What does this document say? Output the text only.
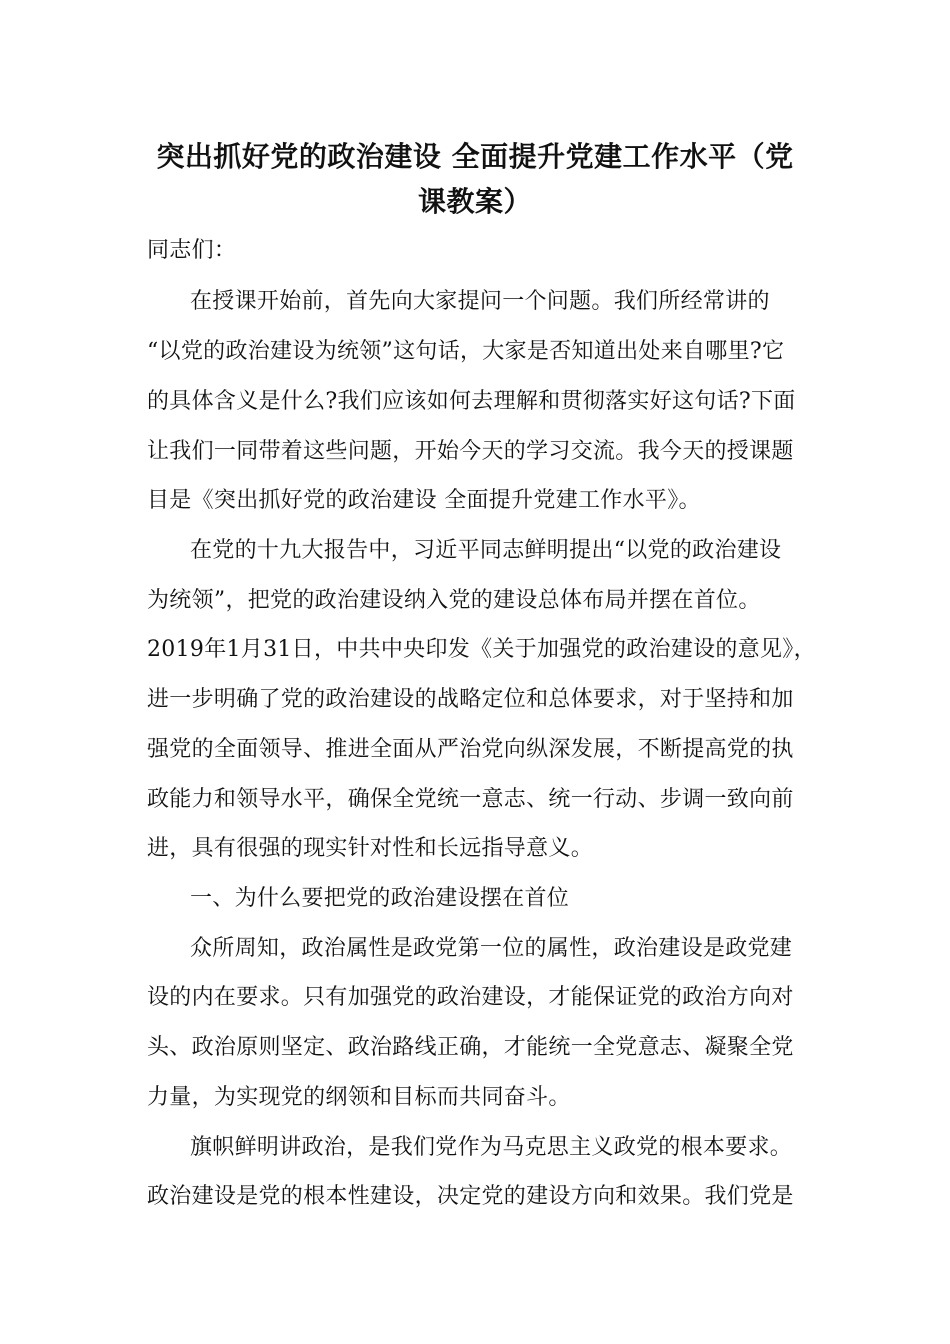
突出抓好党的政治建设 全面提升党建工作水平（党
课教案）
同志们：
在授课开始前，首先向大家提问一个问题。我们所经常讲的
“以党的政治建设为统领”这句话，大家是否知道出处来自哪里?它
的具体含义是什么?我们应该如何去理解和贯彻落实好这句话?下面
让我们一同带着这些问题，开始今天的学习交流。我今天的授课题
目是《突出抓好党的政治建设 全面提升党建工作水平》。
在党的十九大报告中，习近平同志鲜明提出“以党的政治建设
为统领”，把党的政治建设纳入党的建设总体布局并摆在首位。
2019年1月31日，中共中央印发《关于加强党的政治建设的意见》，
进一步明确了党的政治建设的战略定位和总体要求，对于坚持和加
强党的全面领导、推进全面从严治党向纵深发展，不断提高党的执
政能力和领导水平，确保全党统一意志、统一行动、步调一致向前
进，具有很强的现实针对性和长远指导意义。
一、为什么要把党的政治建设摆在首位
众所周知，政治属性是政党第一位的属性，政治建设是政党建
设的内在要求。只有加强党的政治建设，才能保证党的政治方向对
头、政治原则坚定、政治路线正确，才能统一全党意志、凝聚全党
力量，为实现党的纲领和目标而共同奋斗。
旗帜鲜明讲政治，是我们党作为马克思主义政党的根本要求。
政治建设是党的根本性建设，决定党的建设方向和效果。我们党是
